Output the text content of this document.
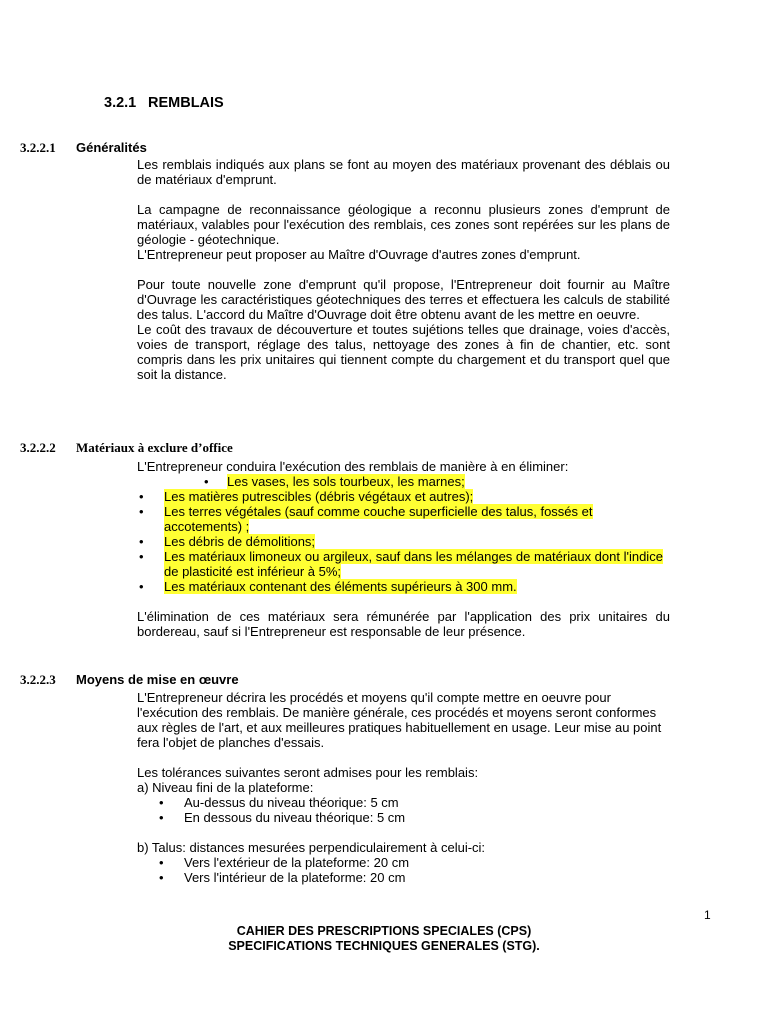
3.2.1 REMBLAIS
3.2.2.1 Généralités

Les remblais indiqués aux plans se font au moyen des matériaux provenant des déblais ou de matériaux d'emprunt.

La campagne de reconnaissance géologique a reconnu plusieurs zones d'emprunt de matériaux, valables pour l'exécution des remblais, ces zones sont repérées sur les plans de géologie - géotechnique.

L'Entrepreneur peut proposer au Maître d'Ouvrage d'autres zones d'emprunt.

Pour toute nouvelle zone d'emprunt qu'il propose, l'Entrepreneur doit fournir au Maître d'Ouvrage les caractéristiques géotechniques des terres et effectuera les calculs de stabilité des talus. L'accord du Maître d'Ouvrage doit être obtenu avant de les mettre en oeuvre.

Le coût des travaux de découverture et toutes sujétions telles que drainage, voies d'accès, voies de transport, réglage des talus, nettoyage des zones à fin de chantier, etc. sont compris dans les prix unitaires qui tiennent compte du chargement et du transport quel que soit la distance.

3.2.2.2 Matériaux à exclure d’office

L'Entrepreneur conduira l'exécution des remblais de manière à en éliminer:

• Les vases, les sols tourbeux, les marnes;
• Les matières putrescibles (débris végétaux et autres);
• Les terres végétales (sauf comme couche superficielle des talus, fossés et accotements) ;
• Les débris de démolitions;
• Les matériaux limoneux ou argileux, sauf dans les mélanges de matériaux dont l'indice de plasticité est inférieur à 5%;
• Les matériaux contenant des éléments supérieurs à 300 mm.

L'élimination de ces matériaux sera rémunérée par l'application des prix unitaires du bordereau, sauf si l'Entrepreneur est responsable de leur présence.

3.2.2.3 Moyens de mise en œuvre

L'Entrepreneur décrira les procédés et moyens qu'il compte mettre en oeuvre pour l'exécution des remblais. De manière générale, ces procédés et moyens seront conformes aux règles de l'art, et aux meilleures pratiques habituellement en usage. Leur mise au point fera l'objet de planches d'essais.

Les tolérances suivantes seront admises pour les remblais:

a) Niveau fini de la plateforme:

• Au-dessus du niveau théorique: 5 cm
• En dessous du niveau théorique: 5 cm

b) Talus: distances mesurées perpendiculairement à celui-ci:

• Vers l'extérieur de la plateforme: 20 cm
• Vers l'intérieur de la plateforme: 20 cm
1
CAHIER DES PRESCRIPTIONS SPECIALES (CPS)
SPECIFICATIONS TECHNIQUES GENERALES (STG).
